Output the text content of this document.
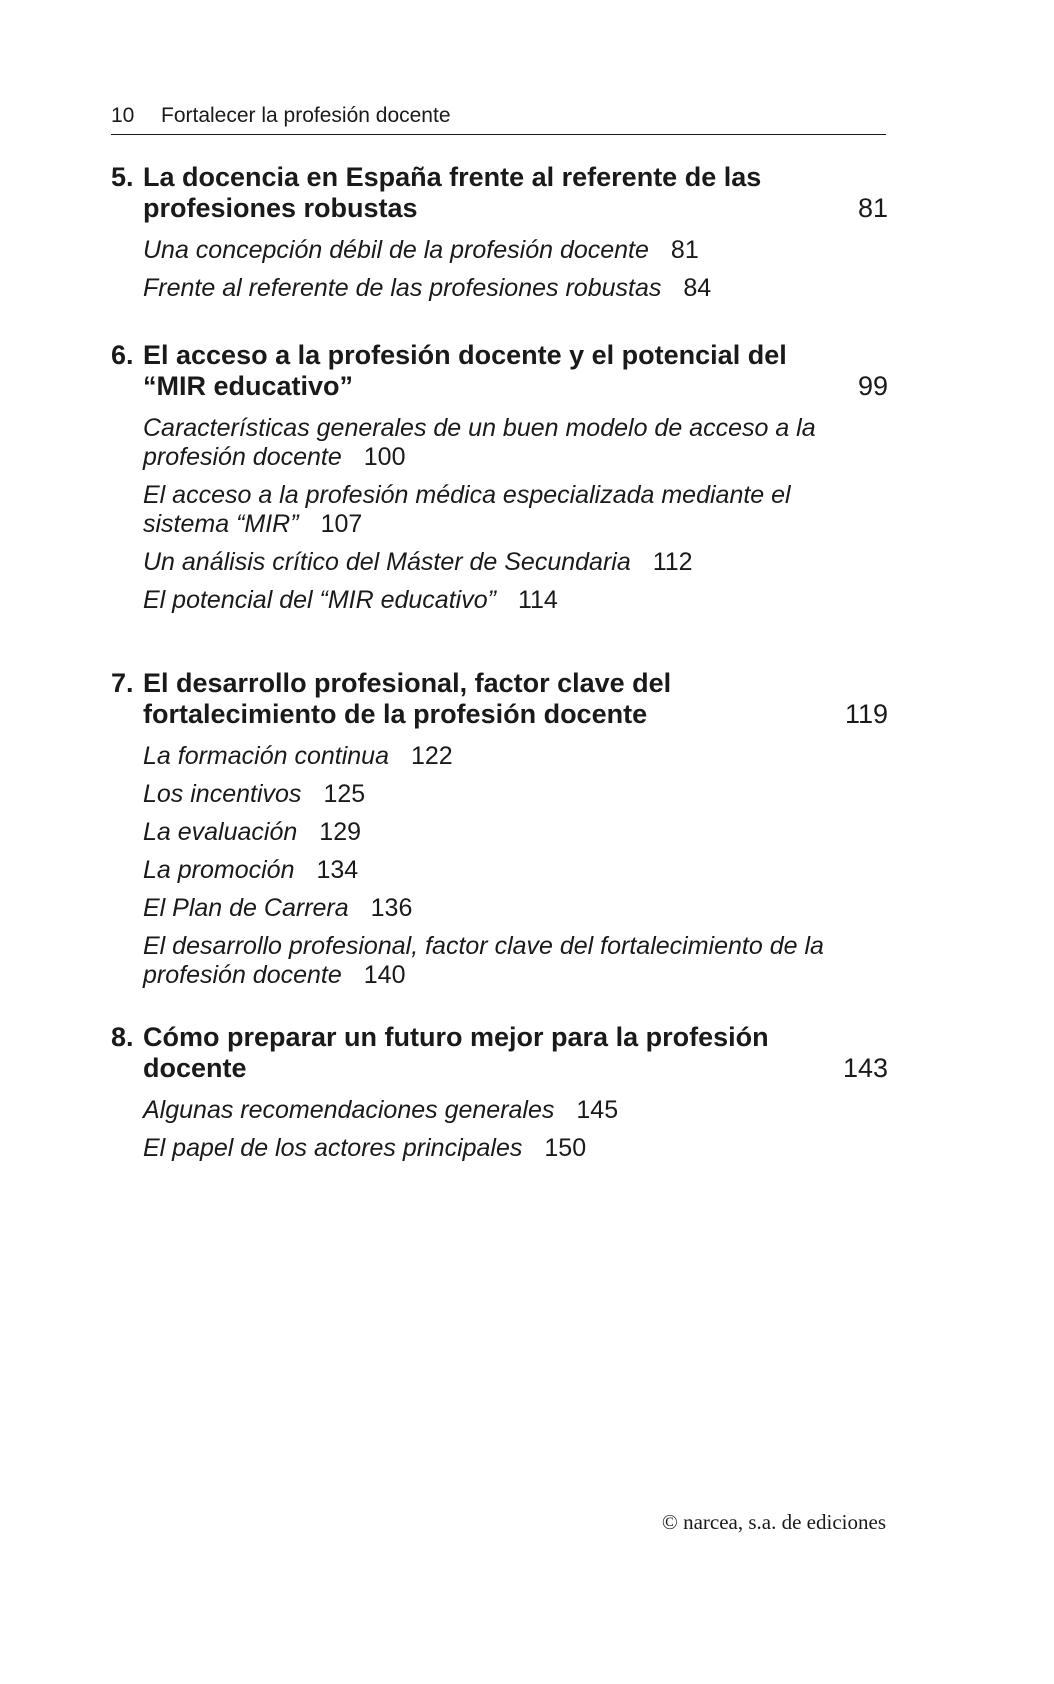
10 Fortalecer la profesión docente
5. La docencia en España frente al referente de las profesiones robustas	81
Una concepción débil de la profesión docente 81
Frente al referente de las profesiones robustas 84
6. El acceso a la profesión docente y el potencial del “MIR educativo”	99
Características generales de un buen modelo de acceso a la profesión docente 100
El acceso a la profesión médica especializada mediante el sistema “MIR” 107
Un análisis crítico del Máster de Secundaria 112
El potencial del “MIR educativo” 114
7. El desarrollo profesional, factor clave del fortalecimiento de la profesión docente	119
La formación continua 122
Los incentivos 125
La evaluación 129
La promoción 134
El Plan de Carrera 136
El desarrollo profesional, factor clave del fortalecimiento de la profesión docente 140
8. Cómo preparar un futuro mejor para la profesión docente	143
Algunas recomendaciones generales 145
El papel de los actores principales 150
© narcea, s.a. de ediciones
